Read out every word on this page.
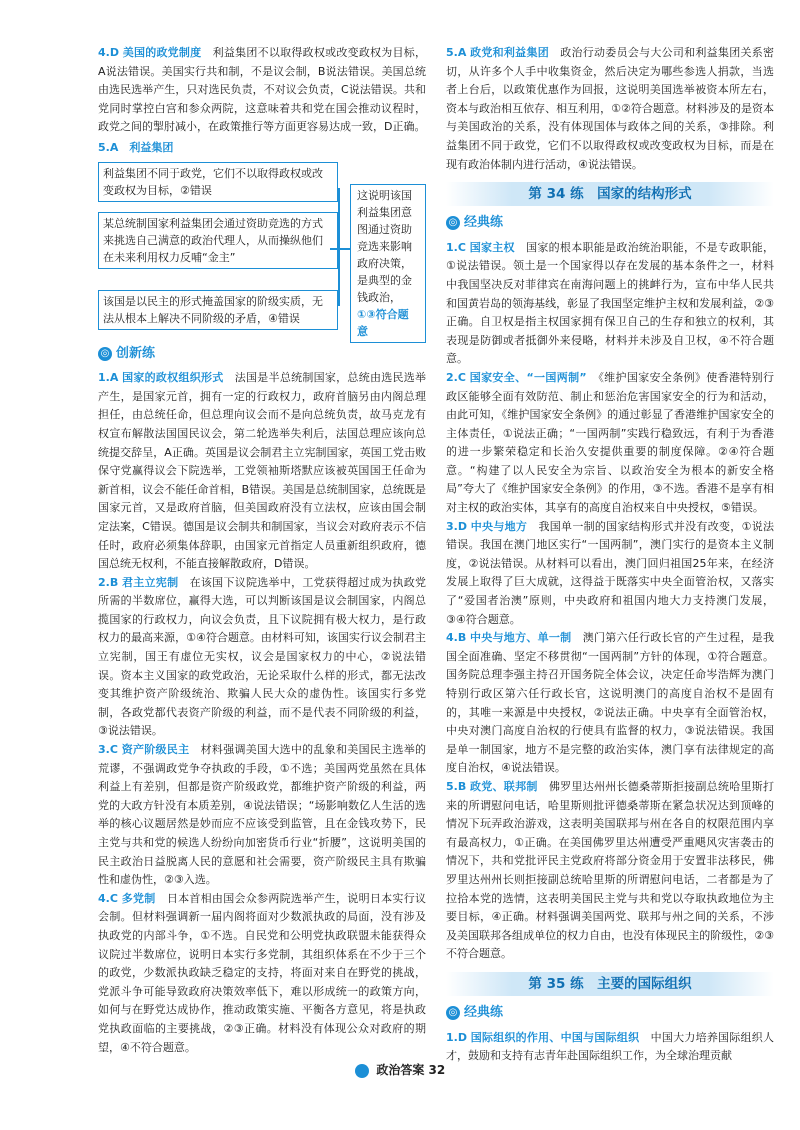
4.D 美国的政党制度　 利益集团不以取得政权或改变政权为目标，A说法错误。美国实行共和制，不是议会制，B说法错误。美国总统由选民选举产生，只对选民负责，不对议会负责，C说法错误。共和党同时掌控白宫和参众两院，这意味着共和党在国会推动议程时，政党之间的掣肘减小，在政策推行等方面更容易达成一致，D正确。

5.A　 利益集团

利益集团不同于政党，它们不以取得政权或改变政权为目标，②错误
某总统制国家利益集团会通过资助竞选的方式来挑选自己满意的政治代理人，从而操纵他们在未来利用权力反哺“金主”
该国是以民主的形式掩盖国家的阶级实质，无法从根本上解决不同阶级的矛盾，④错误
这说明该国利益集团意图通过资助竞选来影响政府决策，是典型的金钱政治，①③符合题意
◎ 创新练

1.A 国家的政权组织形式　 法国是半总统制国家，总统由选民选举产生，是国家元首，拥有一定的行政权力，政府首脑另由内阁总理担任，由总统任命，但总理向议会而不是向总统负责，故马克龙有权宣布解散法国国民议会，第二轮选举失利后，法国总理应该向总统提交辞呈，A正确。英国是议会制君主立宪制国家，英国工党击败保守党赢得议会下院选举，工党领袖斯塔默应该被英国国王任命为新首相，议会不能任命首相，B错误。美国是总统制国家，总统既是国家元首，又是政府首脑，但美国政府没有立法权，应该由国会制定法案，C错误。德国是议会制共和制国家，当议会对政府表示不信任时，政府必须集体辞职，由国家元首指定人员重新组织政府，德国总统无权利，不能直接解散政府，D错误。

2.B 君主立宪制　 在该国下议院选举中，工党获得超过成为执政党所需的半数席位，赢得大选，可以判断该国是议会制国家，内阁总揽国家的行政权力，向议会负责，且下议院拥有极大权力，是行政权力的最高来源，①④符合题意。由材料可知，该国实行议会制君主立宪制，国王有虚位无实权，议会是国家权力的中心，②说法错误。资本主义国家的政党政治，无论采取什么样的形式，都无法改变其维护资产阶级统治、欺骗人民大众的虚伪性。该国实行多党制，各政党都代表资产阶级的利益，而不是代表不同阶级的利益，③说法错误。

3.C 资产阶级民主　 材料强调美国大选中的乱象和美国民主选举的荒谬，不强调政党争夺执政的手段，①不选；美国两党虽然在具体利益上有差别，但都是资产阶级政党，都维护资产阶级的利益，两党的大政方针没有本质差别，④说法错误；“场影响数亿人生活的选举的核心议题居然是妙而应不应该受到监管，且在金钱攻势下，民主党与共和党的候选人纷纷向加密货币行业“折腰”，这说明美国的民主政治日益脱离人民的意愿和社会需要，资产阶级民主具有欺骗性和虚伪性，②③入选。

4.C 多党制　 日本首相由国会众参两院选举产生，说明日本实行议会制。但材料强调新一届内阁将面对少数派执政的局面，没有涉及执政党的内部斗争，①不选。自民党和公明党执政联盟未能获得众议院过半数席位，说明日本实行多党制，其组织体系在不少于三个的政党，少数派执政缺乏稳定的支持，将面对来自在野党的挑战，党派斗争可能导致政府决策效率低下，难以形成统一的政策方向，如何与在野党达成协作，推动政策实施、平衡各方意见，将是执政党执政面临的主要挑战，②③正确。材料没有体现公众对政府的期望，④不符合题意。

5.A 政党和利益集团　 政治行动委员会与大公司和利益集团关系密切，从许多个人手中收集资金，然后决定为哪些参选人捐款，当选者上台后，以政策优惠作为回报，这说明美国选举被资本所左右，资本与政治相互依存、相互利用，①②符合题意。材料涉及的是资本与美国政治的关系，没有体现国体与政体之间的关系，③排除。利益集团不同于政党，它们不以取得政权或改变政权为目标，而是在现有政治体制内进行活动，④说法错误。

第 34 练　国家的结构形式
◎ 经典练

1.C 国家主权　 国家的根本职能是政治统治职能，不是专政职能，①说法错误。领土是一个国家得以存在发展的基本条件之一，材料中我国坚决反对菲律宾在南海问题上的挑衅行为，宣布中华人民共和国黄岩岛的领海基线，彰显了我国坚定维护主权和发展利益，②③正确。自卫权是指主权国家拥有保卫自己的生存和独立的权利，其表现是防御或者抵御外来侵略，材料并未涉及自卫权，④不符合题意。

2.C 国家安全、“一国两制”　 《维护国家安全条例》使香港特别行政区能够全面有效防范、制止和惩治危害国家安全的行为和活动，由此可知，《维护国家安全条例》的通过彰显了香港维护国家安全的主体责任，①说法正确；“一国两制”实践行稳致远，有利于为香港的进一步繁荣稳定和长治久安提供重要的制度保障。②④符合题意。“构建了以人民安全为宗旨、以政治安全为根本的新安全格局”夸大了《维护国家安全条例》的作用，③不选。香港不是享有相对主权的政治实体，其享有的高度自治权来自中央授权，⑤错误。

3.D 中央与地方　 我国单一制的国家结构形式并没有改变，①说法错误。我国在澳门地区实行“一国两制”，澳门实行的是资本主义制度，②说法错误。从材料可以看出，澳门回归祖国25年来，在经济发展上取得了巨大成就，这得益于既落实中央全面管治权，又落实了“爱国者治澳”原则，中央政府和祖国内地大力支持澳门发展，③④符合题意。

4.B 中央与地方、单一制　 澳门第六任行政长官的产生过程，是我国全面准确、坚定不移贯彻“一国两制”方针的体现，①符合题意。国务院总理李强主持召开国务院全体会议，决定任命岑浩辉为澳门特别行政区第六任行政长官，这说明澳门的高度自治权不是固有的，其唯一来源是中央授权，②说法正确。中央享有全面管治权，中央对澳门高度自治权的行使具有监督的权力，③说法错误。我国是单一制国家，地方不是完整的政治实体，澳门享有法律规定的高度自治权，④说法错误。

5.B 政党、联邦制　 佛罗里达州州长德桑蒂斯拒接副总统哈里斯打来的所谓慰问电话，哈里斯则批评德桑蒂斯在紧急状况达到顶峰的情况下玩弄政治游戏，这表明美国联邦与州在各自的权限范围内享有最高权力，①正确。在美国佛罗里达州遭受严重飓风灾害袭击的情况下，共和党批评民主党政府将部分资金用于安置非法移民，佛罗里达州州长则拒接副总统哈里斯的所谓慰问电话，二者都是为了拉拾本党的选情，这表明美国民主党与共和党以夺取执政地位为主要目标，④正确。材料强调美国两党、联邦与州之间的关系，不涉及美国联邦各组成单位的权力自由，也没有体现民主的阶级性，②③不符合题意。

第 35 练　主要的国际组织
◎ 经典练

1.D 国际组织的作用、中国与国际组织　 中国大力培养国际组织人才，鼓励和支持有志青年赴国际组织工作，为全球治理贡献

政治答案 32
